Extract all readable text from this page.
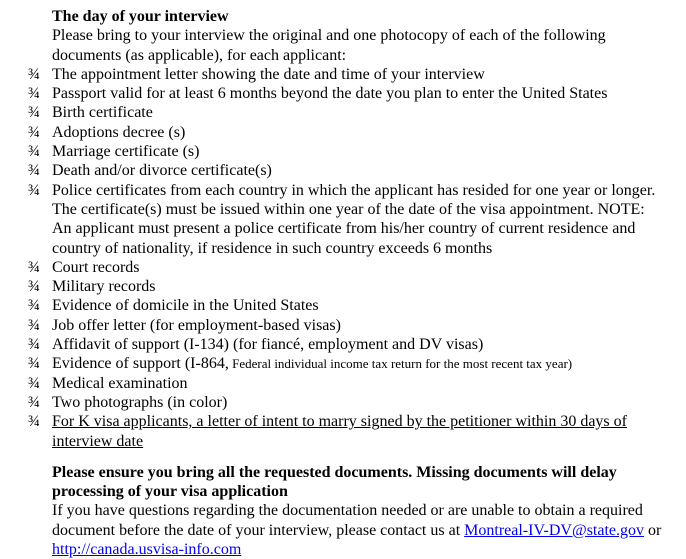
The day of your interview

Please bring to your interview the original and one photocopy of each of the following documents (as applicable), for each applicant:

¾ The appointment letter showing the date and time of your interview
¾ Passport valid for at least 6 months beyond the date you plan to enter the United States
¾ Birth certificate
¾ Adoptions decree (s)
¾ Marriage certificate (s)
¾ Death and/or divorce certificate(s)
¾ Police certificates from each country in which the applicant has resided for one year or longer. The certificate(s) must be issued within one year of the date of the visa appointment. NOTE: An applicant must present a police certificate from his/her country of current residence and country of nationality, if residence in such country exceeds 6 months
¾ Court records
¾ Military records
¾ Evidence of domicile in the United States
¾ Job offer letter (for employment-based visas)
¾ Affidavit of support (I-134) (for fiancé, employment and DV visas)
¾ Evidence of support (I-864, Federal individual income tax return for the most recent tax year)
¾ Medical examination
¾ Two photographs (in color)
¾ For K visa applicants, a letter of intent to marry signed by the petitioner within 30 days of interview date

Please ensure you bring all the requested documents. Missing documents will delay processing of your visa application

If you have questions regarding the documentation needed or are unable to obtain a required document before the date of your interview, please contact us at Montreal-IV-DV@state.gov or http://canada.usvisa-info.com
